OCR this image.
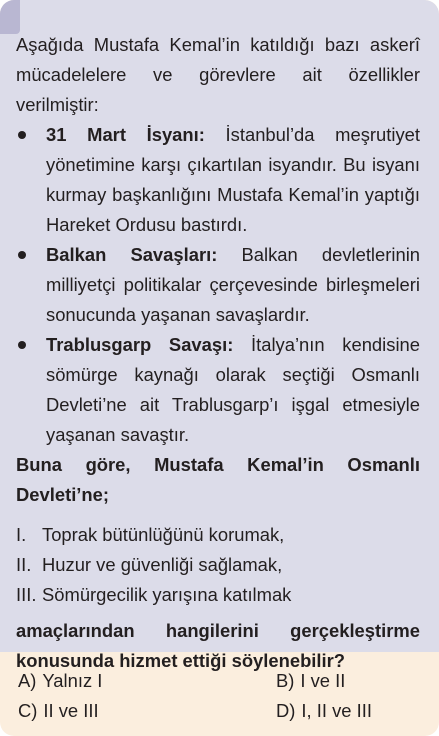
Aşağıda Mustafa Kemal’in katıldığı bazı askerî mücadelelere ve görevlere ait özellikler verilmiştir:

31 Mart İsyanı: İstanbul’da meşrutiyet yönetimine karşı çıkartılan isyandır. Bu isyanı kurmay başkanlığını Mustafa Kemal’in yaptığı Hareket Ordusu bastırdı.
Balkan Savaşları: Balkan devletlerinin milliyetçi politikalar çerçevesinde birleşmeleri sonucunda yaşanan savaşlardır.
Trablusgarp Savaşı: İtalya’nın kendisine sömürge kaynağı olarak seçtiği Osmanlı Devleti’ne ait Trablusgarp’ı işgal etmesiyle yaşanan savaştır.

Buna göre, Mustafa Kemal’in Osmanlı Devleti’ne;

I. Toprak bütünlüğünü korumak,
II. Huzur ve güvenliği sağlamak,
III. Sömürgecilik yarışına katılmak

amaçlarından hangilerini gerçekleştirme konusunda hizmet ettiği söylenebilir?

A) Yalnız I	B) I ve II
C) II ve III	D) I, II ve III
